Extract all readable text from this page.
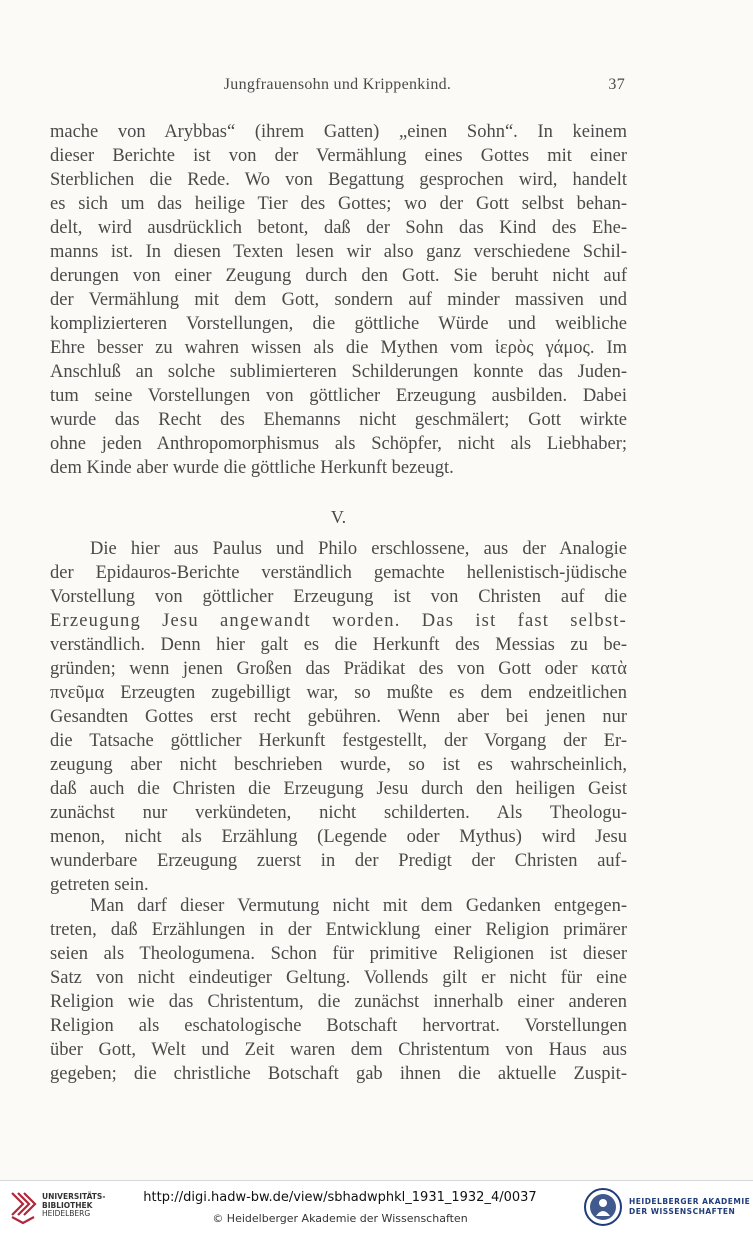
Jungfrauensohn und Krippenkind.	37
mache von Arybbas“ (ihrem Gatten) „einen Sohn“. In keinem
dieser Berichte ist von der Vermählung eines Gottes mit einer
Sterblichen die Rede. Wo von Begattung gesprochen wird, handelt
es sich um das heilige Tier des Gottes; wo der Gott selbst behan-
delt, wird ausdrücklich betont, daß der Sohn das Kind des Ehe-
manns ist. In diesen Texten lesen wir also ganz verschiedene Schil-
derungen von einer Zeugung durch den Gott. Sie beruht nicht auf
der Vermählung mit dem Gott, sondern auf minder massiven und
komplizierteren Vorstellungen, die göttliche Würde und weibliche
Ehre besser zu wahren wissen als die Mythen vom ἱερὸς γάμος. Im
Anschluß an solche sublimierteren Schilderungen konnte das Juden-
tum seine Vorstellungen von göttlicher Erzeugung ausbilden. Dabei
wurde das Recht des Ehemanns nicht geschmälert; Gott wirkte
ohne jeden Anthropomorphismus als Schöpfer, nicht als Liebhaber;
dem Kinde aber wurde die göttliche Herkunft bezeugt.
V.
Die hier aus Paulus und Philo erschlossene, aus der Analogie
der Epidauros-Berichte verständlich gemachte hellenistisch-jüdische
Vorstellung von göttlicher Erzeugung ist von Christen auf die
Erzeugung Jesu angewandt worden. Das ist fast selbst-
verständlich. Denn hier galt es die Herkunft des Messias zu be-
gründen; wenn jenen Großen das Prädikat des von Gott oder κατὰ
πνεῦμα Erzeugten zugebilligt war, so mußte es dem endzeitlichen
Gesandten Gottes erst recht gebühren. Wenn aber bei jenen nur
die Tatsache göttlicher Herkunft festgestellt, der Vorgang der Er-
zeugung aber nicht beschrieben wurde, so ist es wahrscheinlich,
daß auch die Christen die Erzeugung Jesu durch den heiligen Geist
zunächst nur verkündeten, nicht schilderten. Als Theologu-
menon, nicht als Erzählung (Legende oder Mythus) wird Jesu
wunderbare Erzeugung zuerst in der Predigt der Christen auf-
getreten sein.
Man darf dieser Vermutung nicht mit dem Gedanken entgegen-
treten, daß Erzählungen in der Entwicklung einer Religion primärer
seien als Theologumena. Schon für primitive Religionen ist dieser
Satz von nicht eindeutiger Geltung. Vollends gilt er nicht für eine
Religion wie das Christentum, die zunächst innerhalb einer anderen
Religion als eschatologische Botschaft hervortrat. Vorstellungen
über Gott, Welt und Zeit waren dem Christentum von Haus aus
gegeben; die christliche Botschaft gab ihnen die aktuelle Zuspit-
UNIVERSITÄTS-
BIBLIOTHEK
HEIDELBERG
http://digi.hadw-bw.de/view/sbhadwphkl_1931_1932_4/0037
© Heidelberger Akademie der Wissenschaften
HEIDELBERGER AKADEMIE
DER WISSENSCHAFTEN
